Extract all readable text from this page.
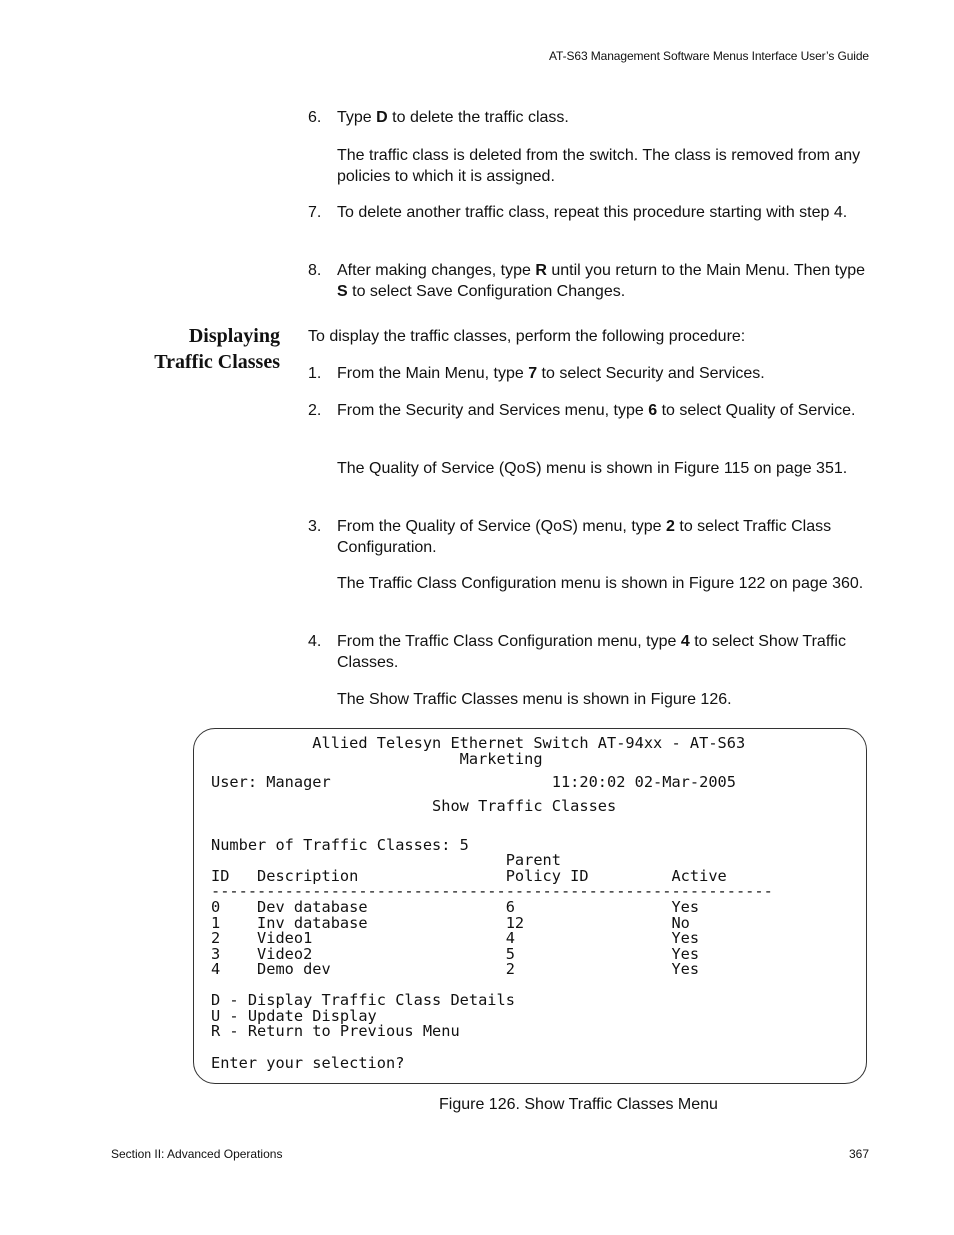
AT-S63 Management Software Menus Interface User’s Guide
6. Type D to delete the traffic class.
The traffic class is deleted from the switch. The class is removed from any policies to which it is assigned.
7. To delete another traffic class, repeat this procedure starting with step 4.
8. After making changes, type R until you return to the Main Menu. Then type S to select Save Configuration Changes.
Displaying
Traffic Classes
To display the traffic classes, perform the following procedure:
1. From the Main Menu, type 7 to select Security and Services.
2. From the Security and Services menu, type 6 to select Quality of Service.
The Quality of Service (QoS) menu is shown in Figure 115 on page 351.
3. From the Quality of Service (QoS) menu, type 2 to select Traffic Class Configuration.
The Traffic Class Configuration menu is shown in Figure 122 on page 360.
4. From the Traffic Class Configuration menu, type 4 to select Show Traffic Classes.
The Show Traffic Classes menu is shown in Figure 126.
Allied Telesyn Ethernet Switch AT-94xx - AT-S63
Marketing
User: Manager                        11:20:02 02-Mar-2005
Show Traffic Classes
Number of Traffic Classes: 5
Parent
ID   Description                Policy ID         Active
-------------------------------------------------------------
0    Dev database               6                 Yes
1    Inv database               12                No
2    Video1                     4                 Yes
3    Video2                     5                 Yes
4    Demo dev                   2                 Yes
D - Display Traffic Class Details
U - Update Display
R - Return to Previous Menu
Enter your selection?
Figure 126. Show Traffic Classes Menu
Section II: Advanced Operations	367
